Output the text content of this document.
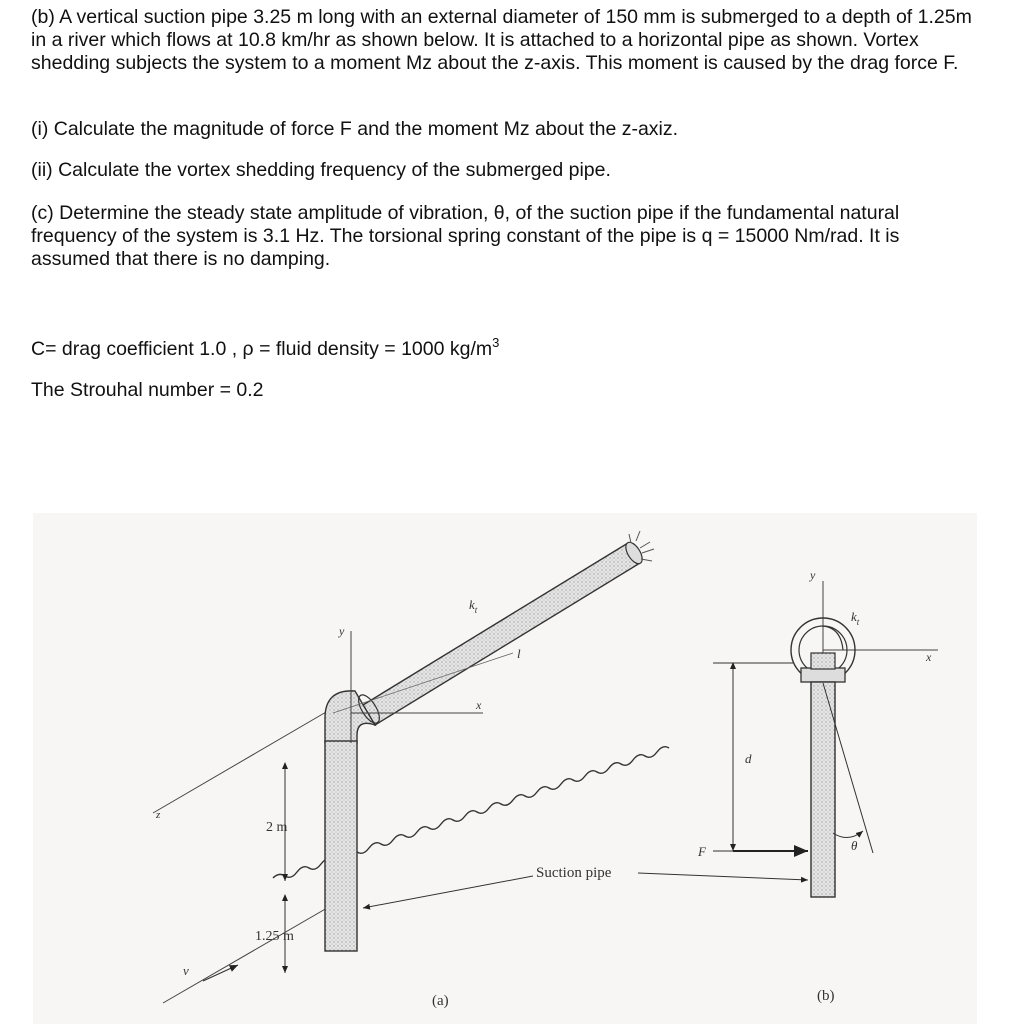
(b) A vertical suction pipe 3.25 m long with an external diameter of 150 mm is submerged to a depth of 1.25m in a river which flows at 10.8 km/hr as shown below. It is attached to a horizontal pipe as shown. Vortex shedding subjects the system to a moment Mz about the z-axis. This moment is caused by the drag force F.

(i) Calculate the magnitude of force F and the moment Mz about the z-axiz.

(ii) Calculate the vortex shedding frequency of the submerged pipe.

(c) Determine the steady state amplitude of vibration, θ, of the suction pipe if the fundamental natural frequency of the system is 3.1 Hz. The torsional spring constant of the pipe is q = 15000 Nm/rad. It is assumed that there is no damping.

C= drag coefficient 1.0 , ρ = fluid density = 1000 $kg/m^3$

The Strouhal number = 0.2

z
y
x
$k_t$
l
2 m
1.25 m
v
Suction pipe
(a)
y
x
$k_t$
d
F	θ
(b)
